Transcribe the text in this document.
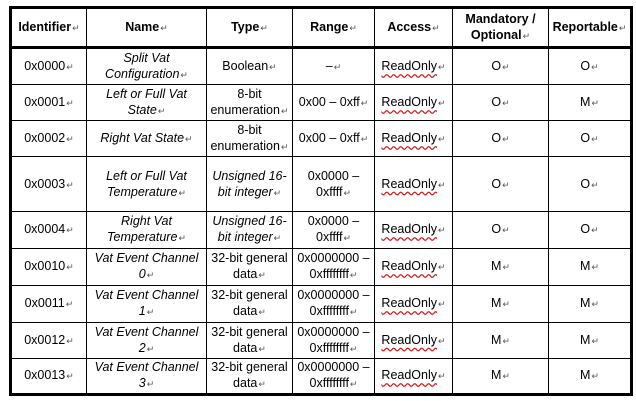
Identifier ↵	Name ↵	Type ↵	Range ↵	Access ↵	Mandatory / Optional ↵	Reportable ↵
0x0000 ↵	Split Vat Configuration ↵	Boolean ↵	– ↵	ReadOnly ↵	O ↵	O ↵
0x0001 ↵	Left or Full Vat State ↵	8-bit enumeration ↵	0x00 – 0xff ↵	ReadOnly ↵	O ↵	M ↵
0x0002 ↵	Right Vat State ↵	8-bit enumeration ↵	0x00 – 0xff ↵	ReadOnly ↵	O ↵	O ↵
0x0003 ↵	Left or Full Vat Temperature ↵	Unsigned 16-bit integer ↵	0x0000 – 0xffff ↵	ReadOnly ↵	O ↵	O ↵
0x0004 ↵	Right Vat Temperature ↵	Unsigned 16-bit integer ↵	0x0000 – 0xffff ↵	ReadOnly ↵	O ↵	O ↵
0x0010 ↵	Vat Event Channel 0 ↵	32-bit general data ↵	0x0000000 – 0xffffffff ↵	ReadOnly ↵	M ↵	M ↵
0x0011 ↵	Vat Event Channel 1 ↵	32-bit general data ↵	0x0000000 – 0xffffffff ↵	ReadOnly ↵	M ↵	M ↵
0x0012 ↵	Vat Event Channel 2 ↵	32-bit general data ↵	0x0000000 – 0xffffffff ↵	ReadOnly ↵	M ↵	M ↵
0x0013 ↵	Vat Event Channel 3 ↵	32-bit general data ↵	0x0000000 – 0xffffffff ↵	ReadOnly ↵	M ↵	M ↵
